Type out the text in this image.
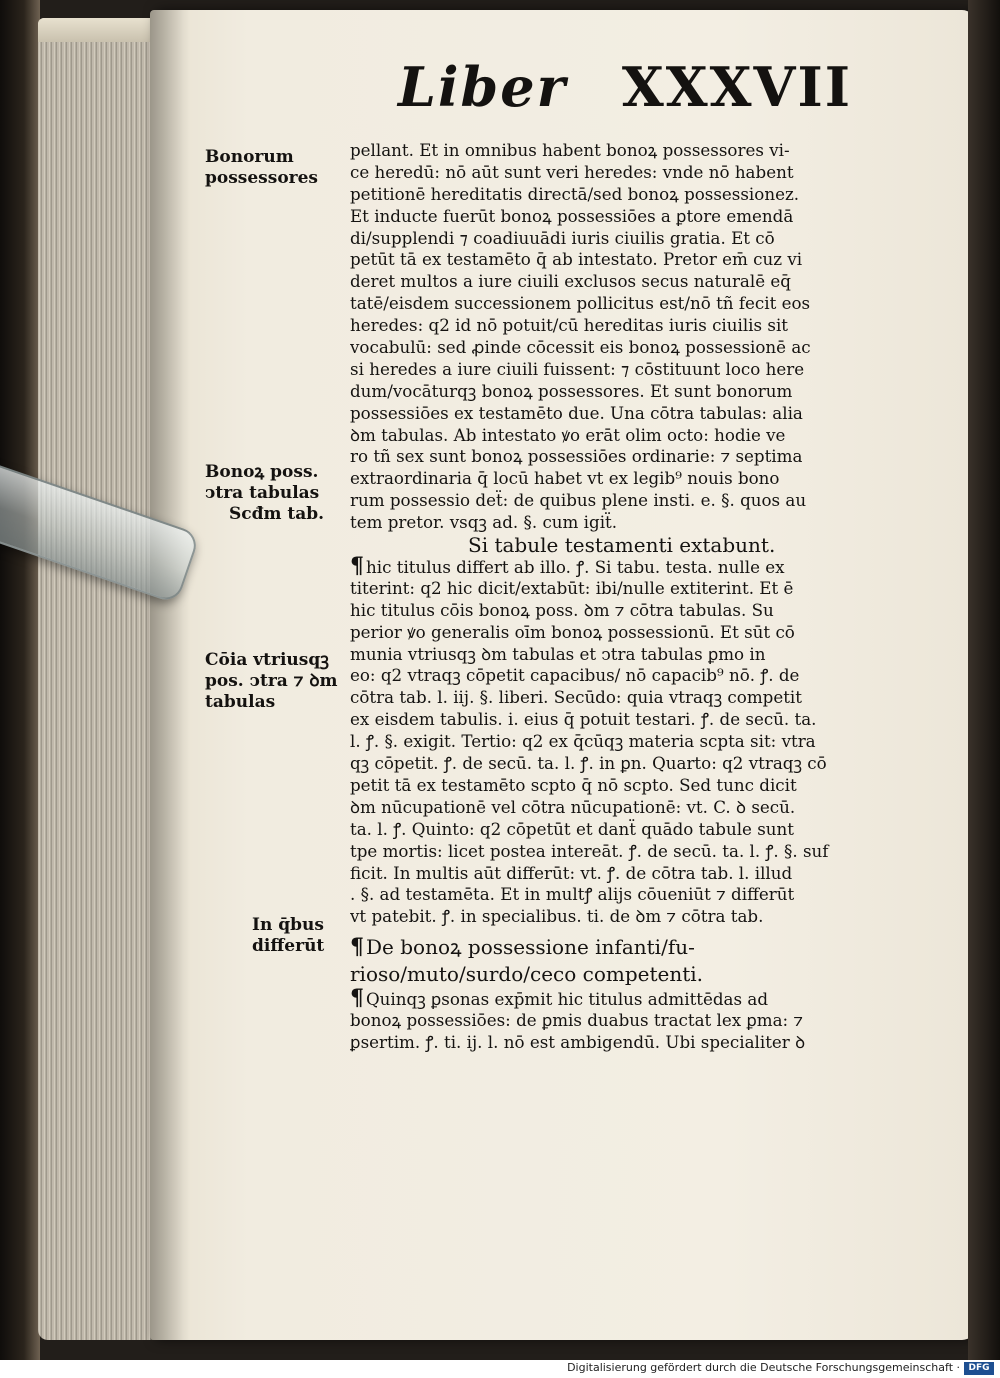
Liber XXXVII
Bonorum
possessores
Bonoꝝ poss.
ↄtra tabulas
Scđm tab.
Cōia vtriusqꝫ
pos. ↄtra ⁊ ꝺm
tabulas
In q̄bus
differūt
pellant. Et in omnibus habent bonoꝝ possessores vi-
ce heredū: nō aūt sunt veri heredes: vnde nō habent
petitionē hereditatis directā/sed bonoꝝ possessionez.
Et inducte fuerūt bonoꝝ possessiōes a ꝑtore emendā
di/supplendi ⁊ coadiuuādi iuris ciuilis gratia. Et cō
petūt tā ex testamēto q̄ ab intestato. Pretor em̄ cuz vi
deret multos a iure ciuili exclusos secus naturalē eq̄
tatē/eisdem successionem pollicitus est/nō tñ fecit eos
heredes: q2 id nō potuit/cū hereditas iuris ciuilis sit
vocabulū: sed ꝓinde cōcessit eis bonoꝝ possessionē ac
si heredes a iure ciuili fuissent: ⁊ cōstituunt loco here
dum/vocāturqꝫ bonoꝝ possessores. Et sunt bonorum
possessiōes ex testamēto due. Una cōtra tabulas: alia
ꝺm tabulas. Ab intestato ꝟo erāt olim octo: hodie ve
ro tñ sex sunt bonoꝝ possessiōes ordinarie: ⁊ septima
extraordinaria q̄ locū habet vt ex legib⁹ nouis bono
rum possessio deẗ: de quibus plene insti. e. §. quos au
tem pretor. vsqꝫ ad. §. cum igiẗ.
Si tabule testamenti extabunt.
¶ hic titulus differt ab illo. ꝭ. Si tabu. testa. nulle ex
titerint: q2 hic dicit/extabūt: ibi/nulle extiterint. Et ē
hic titulus cōis bonoꝝ poss. ꝺm ⁊ cōtra tabulas. Su
perior ꝟo generalis oīm bonoꝝ possessionū. Et sūt cō
munia vtriusqꝫ ꝺm tabulas et ↄtra tabulas ꝑmo in
eo: q2 vtraqꝫ cōpetit capacibus/ nō capacib⁹ nō. ꝭ. de
cōtra tab. l. iij. §. liberi. Secūdo: quia vtraqꝫ competit
ex eisdem tabulis. i. eius q̄ potuit testari. ꝭ. de secū. ta.
l. ꝭ. §. exigit. Tertio: q2 ex q̄cūqꝫ materia scpta sit: vtra
qꝫ cōpetit. ꝭ. de secū. ta. l. ꝭ. in ꝑn. Quarto: q2 vtraqꝫ cō
petit tā ex testamēto scpto q̄ nō scpto. Sed tunc dicit
ꝺm nūcupationē vel cōtra nūcupationē: vt. C. ꝺ secū.
ta. l. ꝭ. Quinto: q2 cōpetūt et danẗ quādo tabule sunt
tpe mortis: licet postea intereāt. ꝭ. de secū. ta. l. ꝭ. §. suf
ficit. In multis aūt differūt: vt. ꝭ. de cōtra tab. l. illud
. §. ad testamēta. Et in multꝭ alijs cōueniūt ⁊ differūt
vt patebit. ꝭ. in specialibus. ti. de ꝺm ⁊ cōtra tab.
¶ De bonoꝝ possessione infanti/fu-
rioso/muto/surdo/ceco competenti.
¶ Quinqꝫ ꝑsonas exp̄mit hic titulus admittēdas ad
bonoꝝ possessiōes: de ꝑmis duabus tractat lex ꝑma: ⁊
ꝑsertim. ꝭ. ti. ij. l. nō est ambigendū. Ubi specialiter ꝺ
Digitalisierung gefördert durch die Deutsche Forschungsgemeinschaft · DFG
